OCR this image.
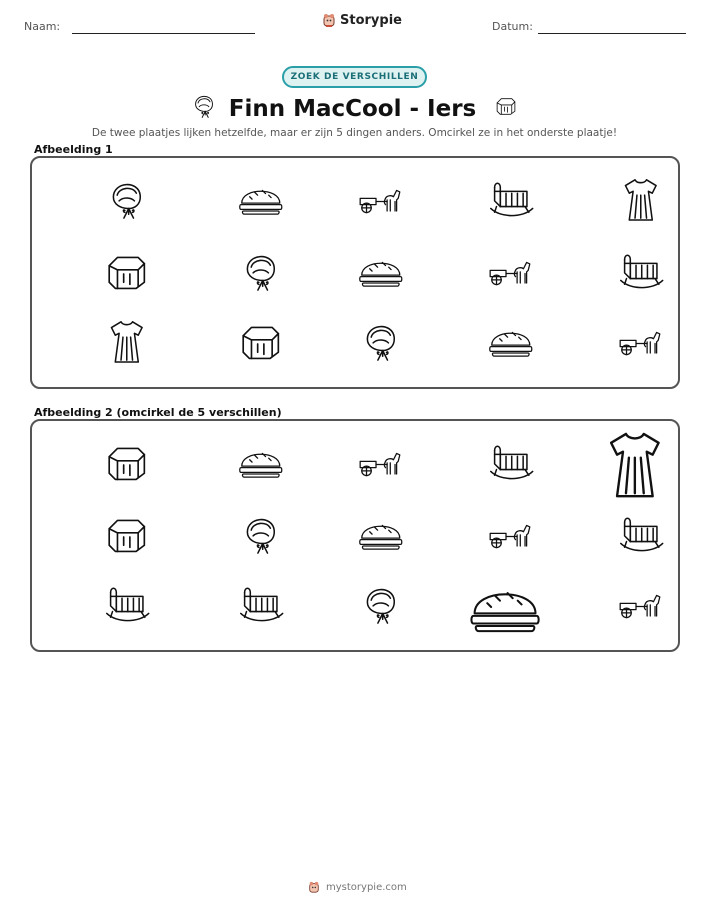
Naam:	Datum:
Storypie
ZOEK DE VERSCHILLEN
Finn MacCool - Iers
De twee plaatjes lijken hetzelfde, maar er zijn 5 dingen anders. Omcirkel ze in het onderste plaatje!
Afbeelding 1
Afbeelding 2 (omcirkel de 5 verschillen)
mystorypie.com
